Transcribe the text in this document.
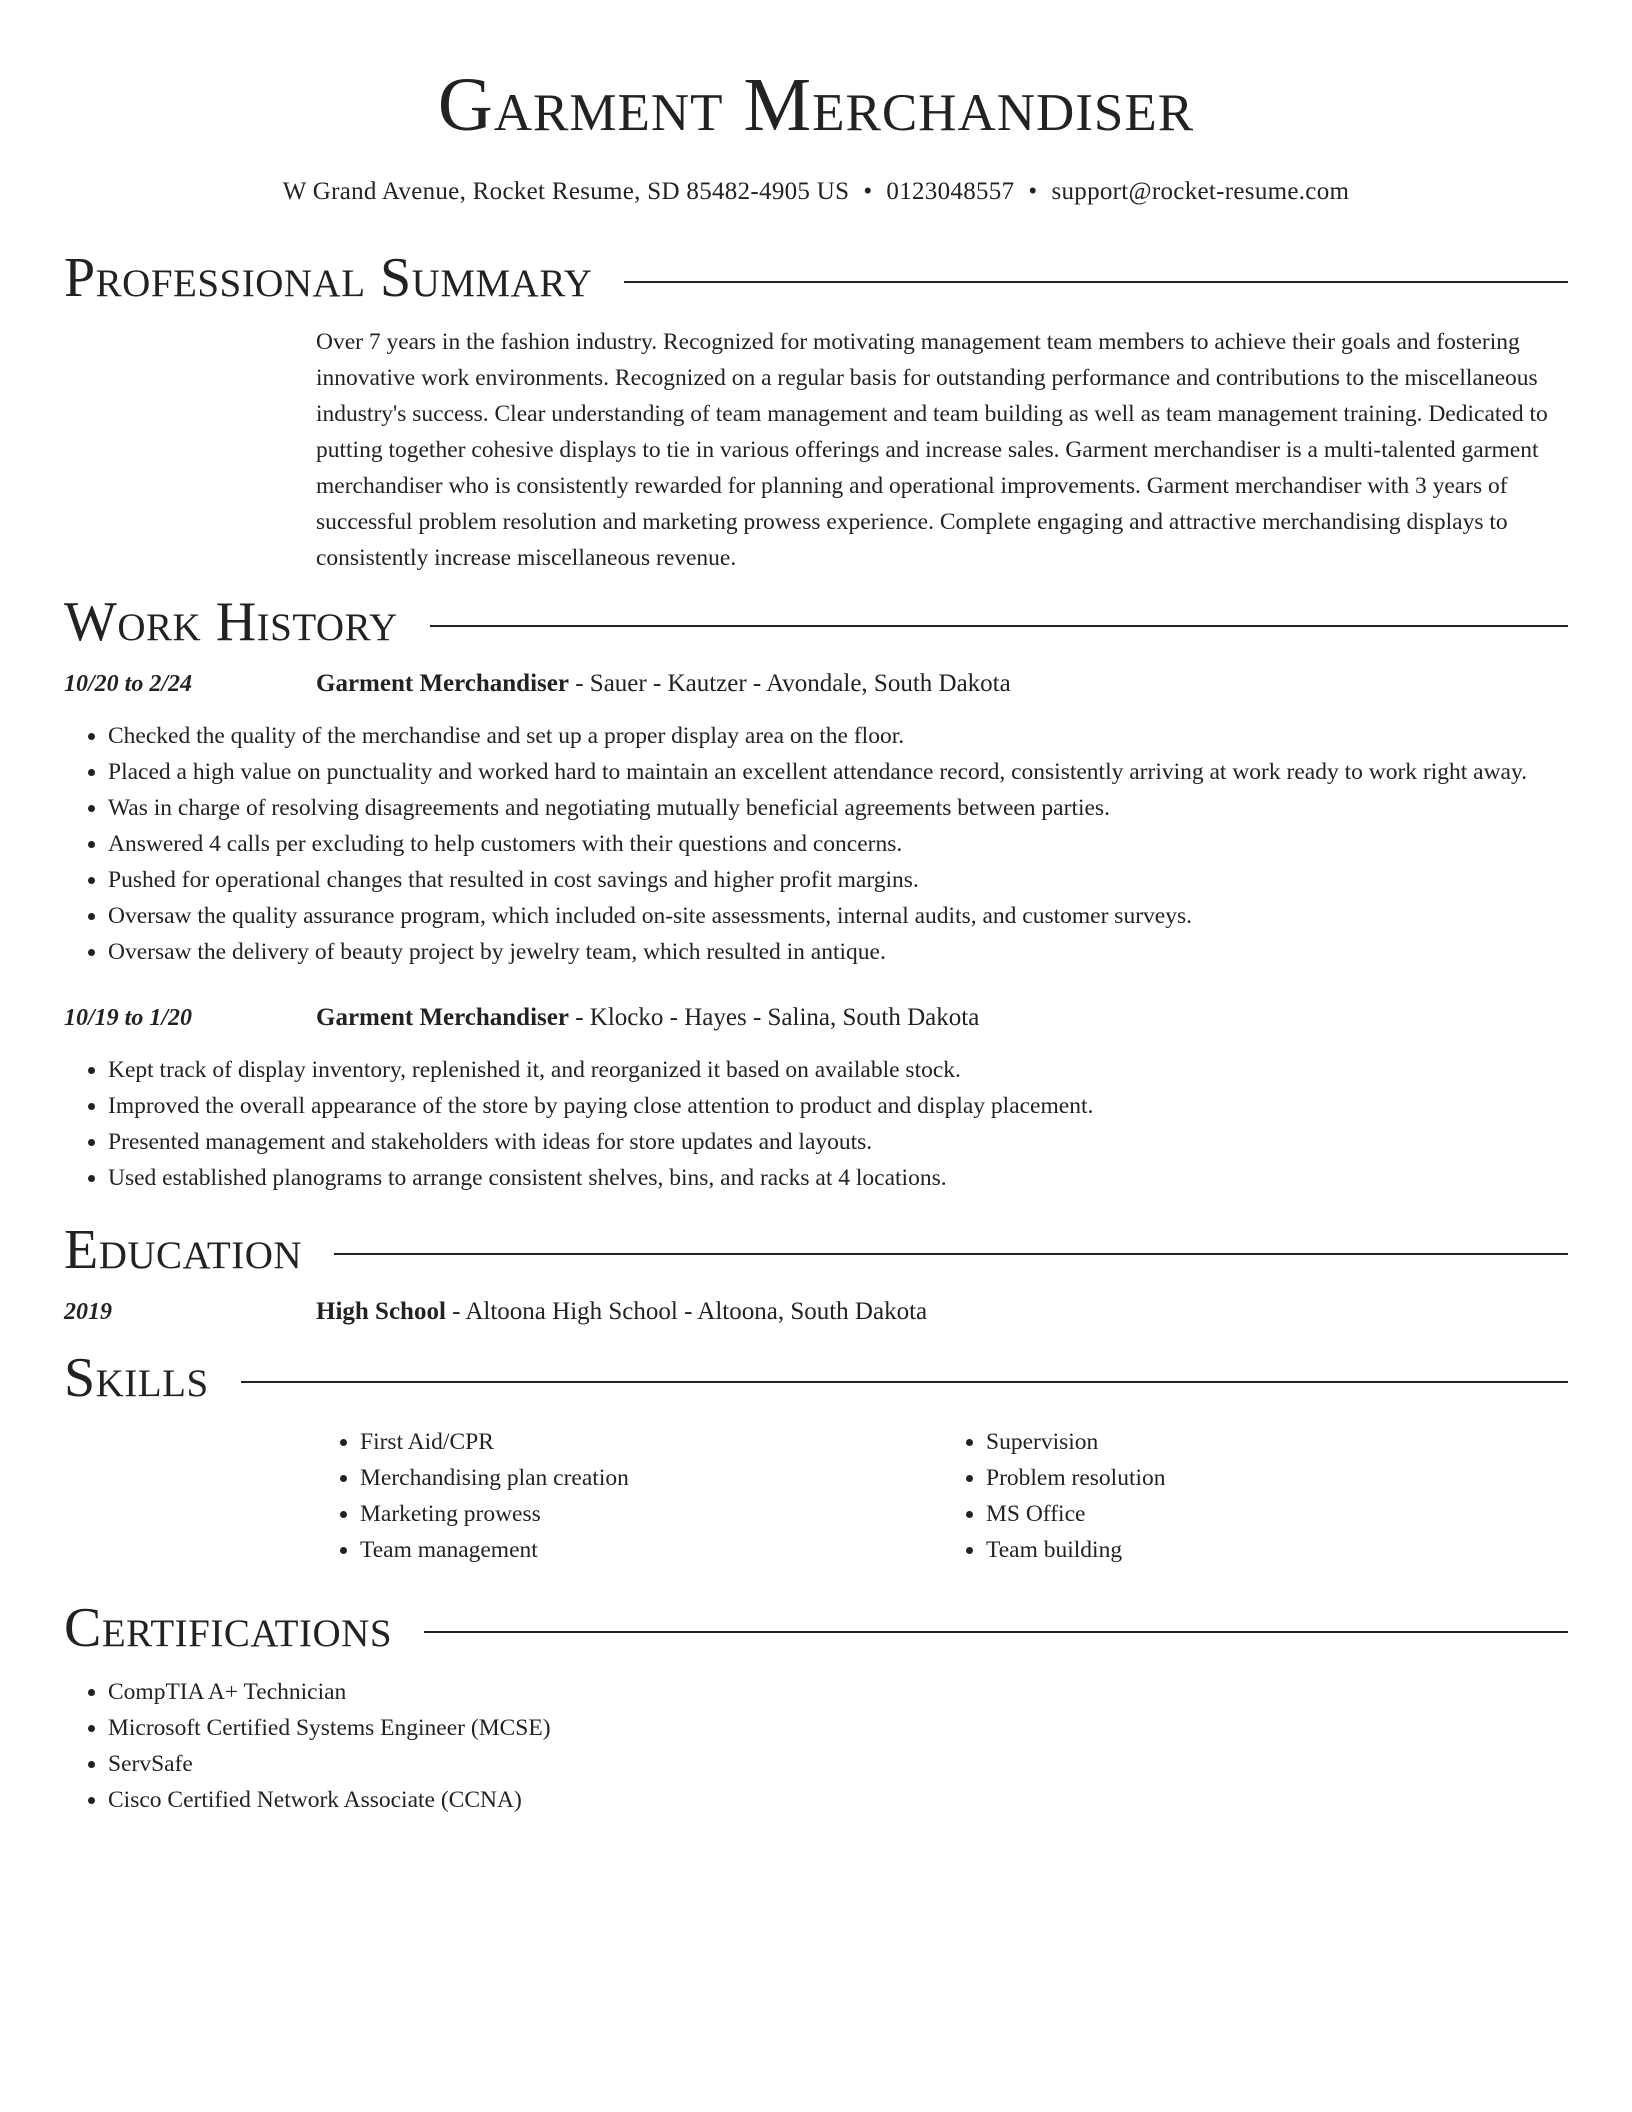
Garment Merchandiser
W Grand Avenue, Rocket Resume, SD 85482-4905 US • 0123048557 • support@rocket-resume.com
Professional Summary

Over 7 years in the fashion industry. Recognized for motivating management team members to achieve their goals and fostering innovative work environments. Recognized on a regular basis for outstanding performance and contributions to the miscellaneous industry's success. Clear understanding of team management and team building as well as team management training. Dedicated to putting together cohesive displays to tie in various offerings and increase sales. Garment merchandiser is a multi-talented garment merchandiser who is consistently rewarded for planning and operational improvements. Garment merchandiser with 3 years of successful problem resolution and marketing prowess experience. Complete engaging and attractive merchandising displays to consistently increase miscellaneous revenue.

Work History
10/20 to 2/24	Garment Merchandiser - Sauer - Kautzer - Avondale, South Dakota
• Checked the quality of the merchandise and set up a proper display area on the floor.
• Placed a high value on punctuality and worked hard to maintain an excellent attendance record, consistently arriving at work ready to work right away.
• Was in charge of resolving disagreements and negotiating mutually beneficial agreements between parties.
• Answered 4 calls per excluding to help customers with their questions and concerns.
• Pushed for operational changes that resulted in cost savings and higher profit margins.
• Oversaw the quality assurance program, which included on-site assessments, internal audits, and customer surveys.
• Oversaw the delivery of beauty project by jewelry team, which resulted in antique.
10/19 to 1/20	Garment Merchandiser - Klocko - Hayes - Salina, South Dakota
• Kept track of display inventory, replenished it, and reorganized it based on available stock.
• Improved the overall appearance of the store by paying close attention to product and display placement.
• Presented management and stakeholders with ideas for store updates and layouts.
• Used established planograms to arrange consistent shelves, bins, and racks at 4 locations.
Education
2019	High School - Altoona High School - Altoona, South Dakota
Skills
• First Aid/CPR
• Merchandising plan creation
• Marketing prowess
• Team management
• Supervision
• Problem resolution
• MS Office
• Team building
Certifications
• CompTIA A+ Technician
• Microsoft Certified Systems Engineer (MCSE)
• ServSafe
• Cisco Certified Network Associate (CCNA)
